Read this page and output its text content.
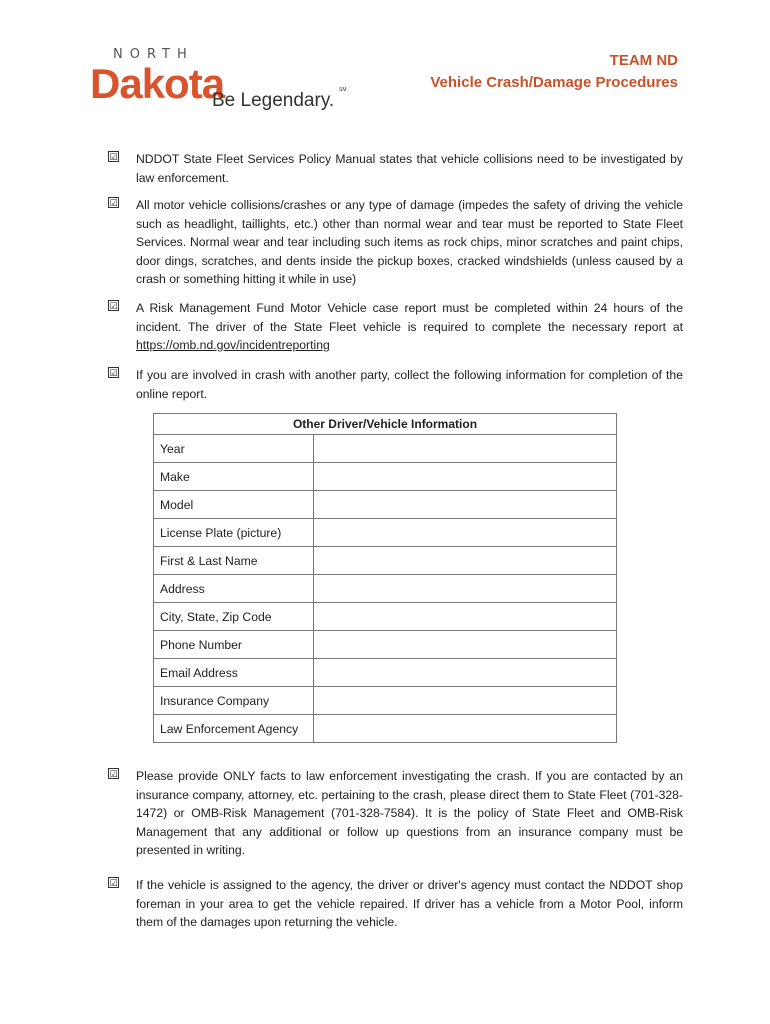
NORTH
Dakota
Be Legendary. SM
TEAM ND
Vehicle Crash/Damage Procedures
☑ NDDOT State Fleet Services Policy Manual states that vehicle collisions need to be investigated by law enforcement.
☑ All motor vehicle collisions/crashes or any type of damage (impedes the safety of driving the vehicle such as headlight, taillights, etc.) other than normal wear and tear must be reported to State Fleet Services. Normal wear and tear including such items as rock chips, minor scratches and paint chips, door dings, scratches, and dents inside the pickup boxes, cracked windshields (unless caused by a crash or something hitting it while in use)
☑ A Risk Management Fund Motor Vehicle case report must be completed within 24 hours of the incident. The driver of the State Fleet vehicle is required to complete the necessary report at https://omb.nd.gov/incidentreporting
☑ If you are involved in crash with another party, collect the following information for completion of the online report.
Other Driver/Vehicle Information	
Year	
Make	
Model	
License Plate (picture)	
First & Last Name	
Address	
City, State, Zip Code	
Phone Number	
Email Address	
Insurance Company	
Law Enforcement Agency	
☑ Please provide ONLY facts to law enforcement investigating the crash. If you are contacted by an insurance company, attorney, etc. pertaining to the crash, please direct them to State Fleet (701-328-1472) or OMB-Risk Management (701-328-7584). It is the policy of State Fleet and OMB-Risk Management that any additional or follow up questions from an insurance company must be presented in writing.
☑ If the vehicle is assigned to the agency, the driver or driver's agency must contact the NDDOT shop foreman in your area to get the vehicle repaired. If driver has a vehicle from a Motor Pool, inform them of the damages upon returning the vehicle.
